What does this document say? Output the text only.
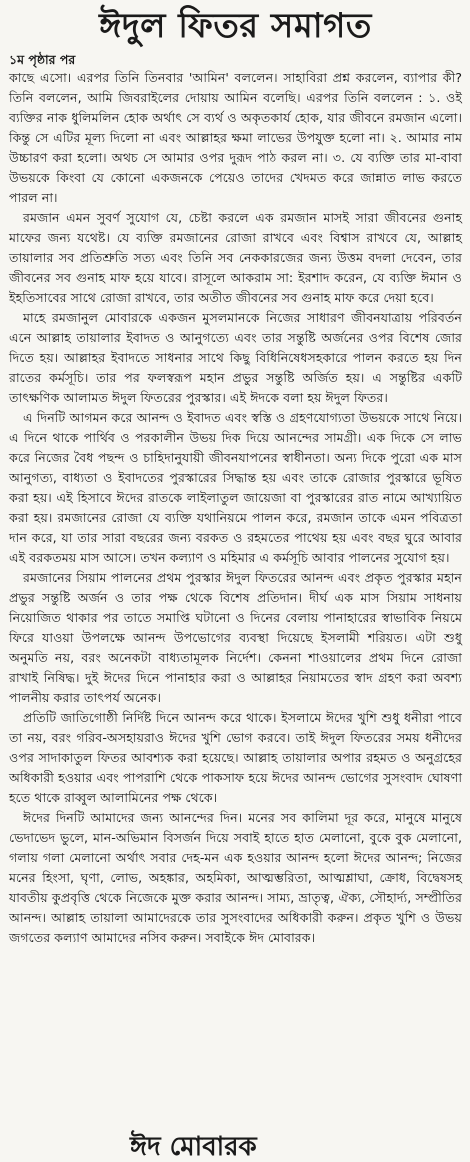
ঈদুল ফিতর সমাগত
১ম পৃষ্ঠার পর

কাছে এসো। এরপর তিনি তিনবার 'আমিন' বললেন। সাহাবিরা প্রশ্ন করলেন, ব্যাপার কী? তিনি বললেন, আমি জিবরাইলের দোয়ায় আমিন বলেছি। এরপর তিনি বললেন : ১. ওই ব্যক্তির নাক ধুলিমলিন হোক অর্থাৎ সে ব্যর্থ ও অকৃতকার্য হোক, যার জীবনে রমজান এলো। কিন্তু সে এটির মূল্য দিলো না এবং আল্লাহর ক্ষমা লাভের উপযুক্ত হলো না। ২. আমার নাম উচ্চারণ করা হলো। অথচ সে আমার ওপর দুরূদ পাঠ করল না। ৩. যে ব্যক্তি তার মা-বাবা উভয়কে কিংবা যে কোনো একজনকে পেয়েও তাদের খেদমত করে জান্নাত লাভ করতে পারল না।

রমজান এমন সুবর্ণ সুযোগ যে, চেষ্টা করলে এক রমজান মাসই সারা জীবনের গুনাহ মাফের জন্য যথেষ্ট। যে ব্যক্তি রমজানের রোজা রাখবে এবং বিশ্বাস রাখবে যে, আল্লাহ তায়ালার সব প্রতিশ্রুতি সত্য এবং তিনি সব নেককারজের জন্য উত্তম বদলা দেবেন, তার জীবনের সব গুনাহ মাফ হয়ে যাবে। রাসূলে আকরাম সা: ইরশাদ করেন, যে ব্যক্তি ঈমান ও ইহতিসাবের সাথে রোজা রাখবে, তার অতীত জীবনের সব গুনাহ মাফ করে দেয়া হবে।

মাহে রমজানুল মোবারকে একজন মুসলমানকে নিজের সাধারণ জীবনযাত্রায় পরিবর্তন এনে আল্লাহ তায়ালার ইবাদত ও আনুগত্যে এবং তার সন্তুষ্টি অর্জনের ওপর বিশেষ জোর দিতে হয়। আল্লাহর ইবাদতে সাধনার সাথে কিছু বিধিনিষেধসহকারে পালন করতে হয় দিন রাতের কর্মসূচি। তার পর ফলস্বরূপ মহান প্রভুর সন্তুষ্টি অর্জিত হয়। এ সন্তুষ্টির একটি তাৎক্ষণিক আলামত ঈদুল ফিতরের পুরস্কার। এই ঈদকে বলা হয় ঈদুল ফিতর।

এ দিনটি আগমন করে আনন্দ ও ইবাদত এবং স্বস্তি ও গ্রহণযোগ্যতা উভয়কে সাথে নিয়ে। এ দিনে থাকে পার্থিব ও পরকালীন উভয় দিক দিয়ে আনন্দের সামগ্রী। এক দিকে সে লাভ করে নিজের বৈধ পছন্দ ও চাহিদানুযায়ী জীবনযাপনের স্বাধীনতা। অন্য দিকে পুরো এক মাস আনুগত্য, বাধ্যতা ও ইবাদতের পুরস্কারের সিদ্ধান্ত হয় এবং তাকে রোজার পুরস্কারে ভূষিত করা হয়। এই হিসাবে ঈদের রাতকে লাইলাতুল জায়েজা বা পুরস্কারের রাত নামে আখ্যায়িত করা হয়। রমজানের রোজা যে ব্যক্তি যথানিয়মে পালন করে, রমজান তাকে এমন পবিত্রতা দান করে, যা তার সারা বছরের জন্য বরকত ও রহমতের পাথেয় হয় এবং বছর ঘুরে আবার এই বরকতময় মাস আসে। তখন কল্যাণ ও মহিমার এ কর্মসূচি আবার পালনের সুযোগ হয়।

রমজানের সিয়াম পালনের প্রথম পুরস্কার ঈদুল ফিতরের আনন্দ এবং প্রকৃত পুরস্কার মহান প্রভুর সন্তুষ্টি অর্জন ও তার পক্ষ থেকে বিশেষ প্রতিদান। দীর্ঘ এক মাস সিয়াম সাধনায় নিয়োজিত থাকার পর তাতে সমাপ্তি ঘটানো ও দিনের বেলায় পানাহারের স্বাভাবিক নিয়মে ফিরে যাওয়া উপলক্ষে আনন্দ উপভোগের ব্যবস্থা দিয়েছে ইসলামী শরিয়ত। এটা শুধু অনুমতি নয়, বরং অনেকটা বাধ্যতামূলক নির্দেশ। কেননা শাওয়ালের প্রথম দিনে রোজা রাখাই নিষিদ্ধ। দুই ঈদের দিনে পানাহার করা ও আল্লাহর নিয়ামতের স্বাদ গ্রহণ করা অবশ্য পালনীয় করার তাৎপর্য অনেক।

প্রতিটি জাতিগোষ্ঠী নির্দিষ্ট দিনে আনন্দ করে থাকে। ইসলামে ঈদের খুশি শুধু ধনীরা পাবে তা নয়, বরং গরিব-অসহায়রাও ঈদের খুশি ভোগ করবে। তাই ঈদুল ফিতরের সময় ধনীদের ওপর সাদাকাতুল ফিতর আবশ্যক করা হয়েছে। আল্লাহ তায়ালার অপার রহমত ও অনুগ্রহের অধিকারী হওয়ার এবং পাপরাশি থেকে পাকসাফ হয়ে ঈদের আনন্দ ভোগের সুসংবাদ ঘোষণা হতে থাকে রাব্বুল আলামিনের পক্ষ থেকে।

ঈদের দিনটি আমাদের জন্য আনন্দের দিন। মনের সব কালিমা দূর করে, মানুষে মানুষে ভেদাভেদ ভুলে, মান-অভিমান বিসর্জন দিয়ে সবাই হাতে হাত মেলানো, বুকে বুক মেলানো, গলায় গলা মেলানো অর্থাৎ সবার দেহ-মন এক হওয়ার আনন্দ হলো ঈদের আনন্দ; নিজের মনের হিংসা, ঘৃণা, লোভ, অহঙ্কার, অহমিকা, আত্মম্ভরিতা, আত্মশ্লাঘা, ক্রোধ, বিদ্বেষসহ যাবতীয় কুপ্রবৃত্তি থেকে নিজেকে মুক্ত করার আনন্দ। সাম্য, ভ্রাতৃত্ব, ঐক্য, সৌহার্দ্য, সম্প্রীতির আনন্দ। আল্লাহ তায়ালা আমাদেরকে তার সুসংবাদের অধিকারী করুন। প্রকৃত খুশি ও উভয় জগতের কল্যাণ আমাদের নসিব করুন। সবাইকে ঈদ মোবারক।

ঈদ মোবারক
